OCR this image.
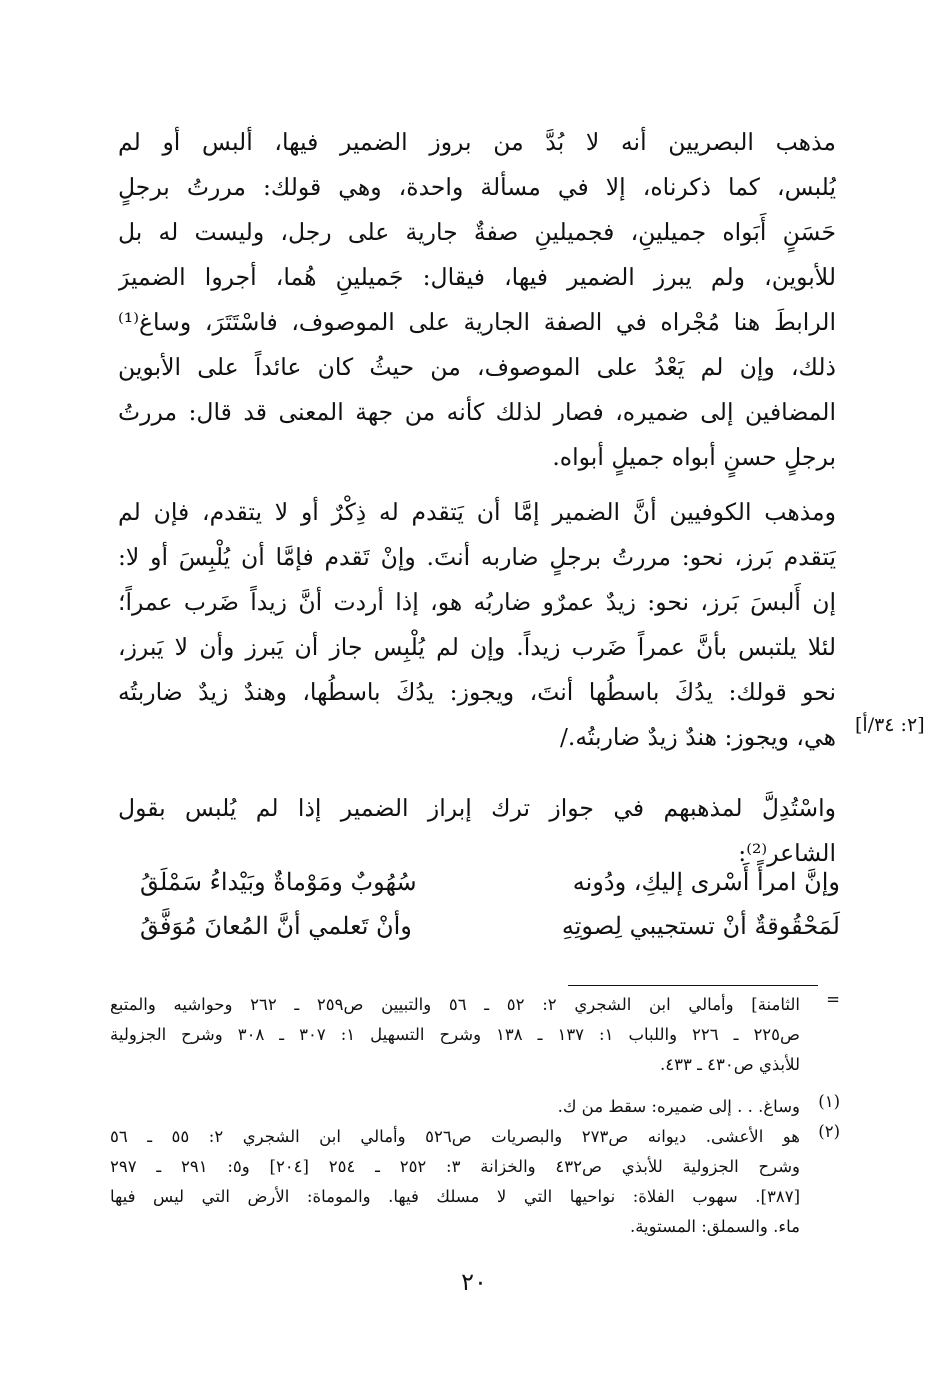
مذهب البصريين أنه لا بُدَّ من بروز الضمير فيها، ألبس أو لم
يُلبس، كما ذكرناه، إلا في مسألة واحدة، وهي قولك: مررتُ برجلٍ
حَسَنٍ أَبَواه جميلينِ، فجميلينِ صفةٌ جارية على رجل، وليست له بل
للأبوين، ولم يبرز الضمير فيها، فيقال: جَميلينِ هُما، أجروا الضميرَ
الرابطَ هنا مُجْراه في الصفة الجارية على الموصوف، فاسْتَتَرَ، وساغ⁽¹⁾
ذلك، وإن لم يَعْدُ على الموصوف، من حيثُ كان عائداً على الأبوين
المضافين إلى ضميره، فصار لذلك كأنه من جهة المعنى قد قال: مررتُ
برجلٍ حسنٍ أبواه جميلٍ أبواه.
ومذهب الكوفيين أنَّ الضمير إمَّا أن يَتقدم له ذِكْرٌ أو لا يتقدم، فإن لم
يَتقدم بَرز، نحو: مررتُ برجلٍ ضاربه أنتَ. وإنْ تَقدم فإمَّا أن يُلْبِسَ أو لا:
إن أَلبسَ بَرز، نحو: زيدٌ عمرٌو ضاربُه هو، إذا أردت أنَّ زيداً ضَرب عمراً؛
لئلا يلتبس بأنَّ عمراً ضَرب زيداً. وإن لم يُلْبِس جاز أن يَبرز وأن لا يَبرز،
نحو قولك: يدُكَ باسطُها أنتَ، ويجوز: يدُكَ باسطُها، وهندٌ زيدٌ ضاربتُه
هي، ويجوز: هندٌ زيدٌ ضاربتُه./ [٢: ٣٤/أ]
واسْتُدِلَّ لمذهبهم في جواز ترك إبراز الضمير إذا لم يُلبس بقول
الشاعر⁽²⁾:
وإنَّ امرأً أَسْرى إليكِ، ودُونه
سُهُوبٌ ومَوْماةٌ وبَيْداءُ سَمْلَقُ
لَمَحْقُوقةٌ أنْ تستجيبي لِصوتِهِ
وأنْ تَعلمي أنَّ المُعانَ مُوَفَّقُ
=
الثامنة] وأمالي ابن الشجري ٢: ٥٢ ـ ٥٦ والتبيين ص٢٥٩ ـ ٢٦٢ وحواشيه والمتبع
ص٢٢٥ ـ ٢٢٦ واللباب ١: ١٣٧ ـ ١٣٨ وشرح التسهيل ١: ٣٠٧ ـ ٣٠٨ وشرح الجزولية
للأبذي ص٤٣٠ ـ ٤٣٣.
(١)
وساغ. . . إلى ضميره: سقط من ك.
(٢)
هو الأعشى. ديوانه ص٢٧٣ والبصريات ص٥٢٦ وأمالي ابن الشجري ٢: ٥٥ ـ ٥٦
وشرح الجزولية للأبذي ص٤٣٢ والخزانة ٣: ٢٥٢ ـ ٢٥٤ [٢٠٤] و٥: ٢٩١ ـ ٢٩٧
[٣٨٧]. سهوب الفلاة: نواحيها التي لا مسلك فيها. والموماة: الأرض التي ليس فيها
ماء. والسملق: المستوية.
٢٠
